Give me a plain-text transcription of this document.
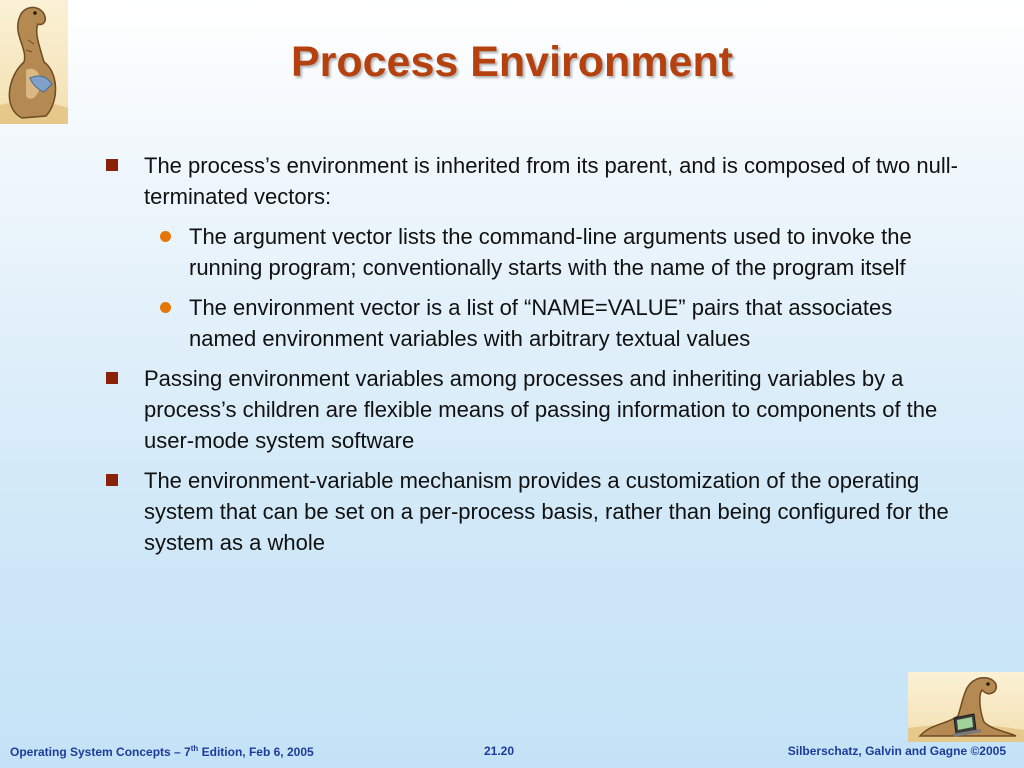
Process Environment
The process’s environment is inherited from its parent, and is composed of two null-terminated vectors:
The argument vector lists the command-line arguments used to invoke the running program; conventionally starts with the name of the program itself
The environment vector is a list of “NAME=VALUE” pairs that associates named environment variables with arbitrary textual values
Passing environment variables among processes and inheriting variables by a process’s children are flexible means of passing information to components of the user-mode system software
The environment-variable mechanism provides a customization of the operating system that can be set on a per-process basis, rather than being configured for the system as a whole
Operating System Concepts – 7th Edition, Feb 6, 2005	21.20	Silberschatz, Galvin and Gagne ©2005
